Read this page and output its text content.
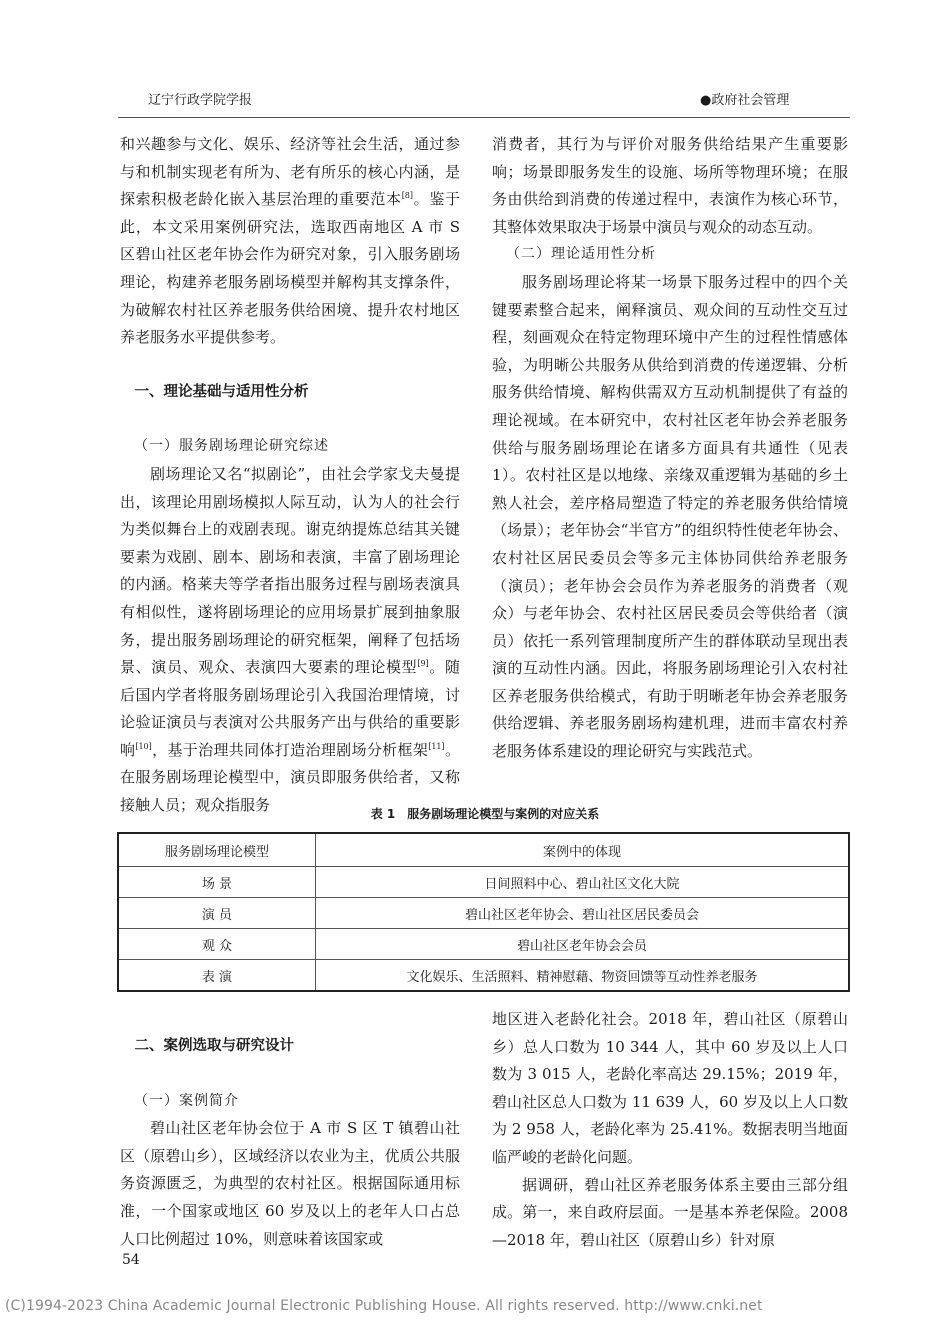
辽宁行政学院学报	●政府社会管理

和兴趣参与文化、娱乐、经济等社会生活，通过参与和机制实现老有所为、老有所乐的核心内涵，是探索积极老龄化嵌入基层治理的重要范本[8]。鉴于此，本文采用案例研究法，选取西南地区 A 市 S 区碧山社区老年协会作为研究对象，引入服务剧场理论，构建养老服务剧场模型并解构其支撑条件，为破解农村社区养老服务供给困境、提升农村地区养老服务水平提供参考。

一、理论基础与适用性分析

（一）服务剧场理论研究综述

剧场理论又名“拟剧论”，由社会学家戈夫曼提出，该理论用剧场模拟人际互动，认为人的社会行为类似舞台上的戏剧表现。谢克纳提炼总结其关键要素为戏剧、剧本、剧场和表演，丰富了剧场理论的内涵。格莱夫等学者指出服务过程与剧场表演具有相似性，遂将剧场理论的应用场景扩展到抽象服务，提出服务剧场理论的研究框架，阐释了包括场景、演员、观众、表演四大要素的理论模型[9]。随后国内学者将服务剧场理论引入我国治理情境，讨论验证演员与表演对公共服务产出与供给的重要影响[10]，基于治理共同体打造治理剧场分析框架[11]。在服务剧场理论模型中，演员即服务供给者，又称接触人员；观众指服务

消费者，其行为与评价对服务供给结果产生重要影响；场景即服务发生的设施、场所等物理环境；在服务由供给到消费的传递过程中，表演作为核心环节，其整体效果取决于场景中演员与观众的动态互动。

（二）理论适用性分析

服务剧场理论将某一场景下服务过程中的四个关键要素整合起来，阐释演员、观众间的互动性交互过程，刻画观众在特定物理环境中产生的过程性情感体验，为明晰公共服务从供给到消费的传递逻辑、分析服务供给情境、解构供需双方互动机制提供了有益的理论视域。在本研究中，农村社区老年协会养老服务供给与服务剧场理论在诸多方面具有共通性（见表 1）。农村社区是以地缘、亲缘双重逻辑为基础的乡土熟人社会，差序格局塑造了特定的养老服务供给情境（场景）；老年协会“半官方”的组织特性使老年协会、农村社区居民委员会等多元主体协同供给养老服务（演员）；老年协会会员作为养老服务的消费者（观众）与老年协会、农村社区居民委员会等供给者（演员）依托一系列管理制度所产生的群体联动呈现出表演的互动性内涵。因此，将服务剧场理论引入农村社区养老服务供给模式，有助于明晰老年协会养老服务供给逻辑、养老服务剧场构建机理，进而丰富农村养老服务体系建设的理论研究与实践范式。

表 1　服务剧场理论模型与案例的对应关系
服务剧场理论模型	案例中的体现
场 景	日间照料中心、碧山社区文化大院
演 员	碧山社区老年协会、碧山社区居民委员会
观 众	碧山社区老年协会会员
表 演	文化娱乐、生活照料、精神慰藉、物资回馈等互动性养老服务

二、案例选取与研究设计

（一）案例简介

碧山社区老年协会位于 A 市 S 区 T 镇碧山社区（原碧山乡），区域经济以农业为主，优质公共服务资源匮乏，为典型的农村社区。根据国际通用标准，一个国家或地区 60 岁及以上的老年人口占总人口比例超过 10%，则意味着该国家或

地区进入老龄化社会。2018 年，碧山社区（原碧山乡）总人口数为 10 344 人，其中 60 岁及以上人口数为 3 015 人，老龄化率高达 29.15%；2019 年，碧山社区总人口数为 11 639 人，60 岁及以上人口数为 2 958 人，老龄化率为 25.41%。数据表明当地面临严峻的老龄化问题。

据调研，碧山社区养老服务体系主要由三部分组成。第一，来自政府层面。一是基本养老保险。2008—2018 年，碧山社区（原碧山乡）针对原

54
(C)1994-2023 China Academic Journal Electronic Publishing House. All rights reserved. http://www.cnki.net
